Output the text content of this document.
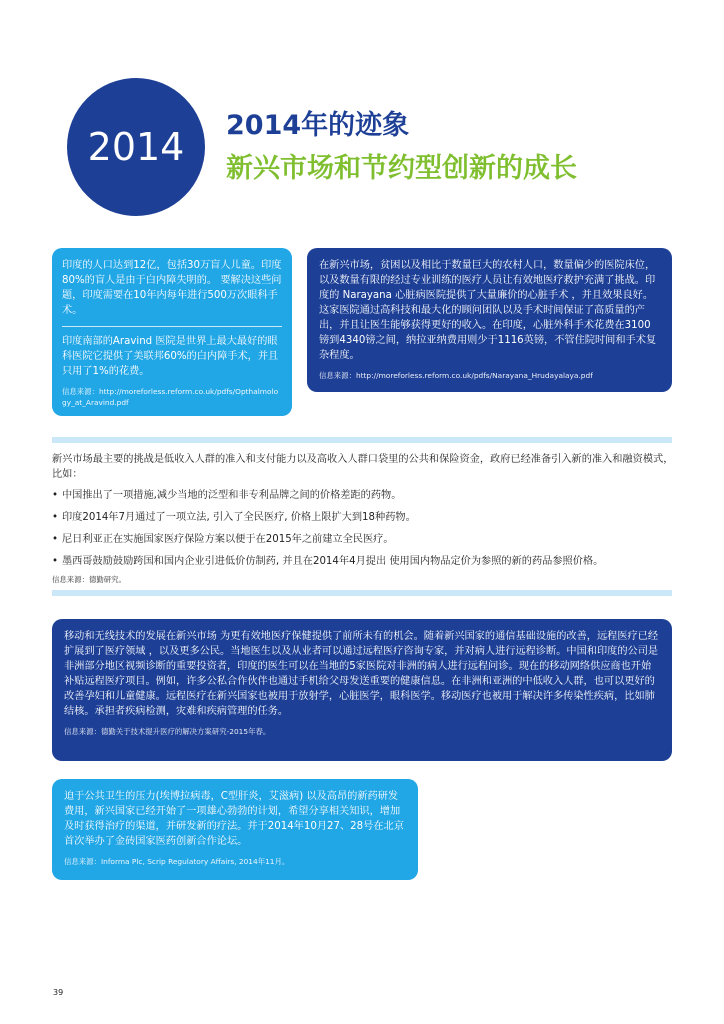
2014 2014年的迹象
新兴市场和节约型创新的成长

印度的人口达到12亿，包括30万盲人儿童。印度80%的盲人是由于白内障失明的。 要解决这些问题，印度需要在10年内每年进行500万次眼科手术。

印度南部的Aravind 医院是世界上最大最好的眼科医院它提供了美联邦60%的白内障手术，并且只用了1%的花费。

信息来源：http://moreforless.reform.co.uk/pdfs/Opthalmology_at_Aravind.pdf

在新兴市场，贫困以及相比于数量巨大的农村人口，数量偏少的医院床位，以及数量有限的经过专业训练的医疗人员让有效地医疗救护充满了挑战。印度的 Narayana 心脏病医院提供了大量廉价的心脏手术 ，并且效果良好。这家医院通过高科技和最大化的顾问团队以及手术时间保证了高质量的产出，并且让医生能够获得更好的收入。在印度，心脏外科手术花费在3100镑到4340镑之间，纳拉亚纳费用则少于1116英镑，不管住院时间和手术复杂程度。

信息来源：http://moreforless.reform.co.uk/pdfs/Narayana_Hrudayalaya.pdf

新兴市场最主要的挑战是低收入人群的准入和支付能力以及高收入人群口袋里的公共和保险资金，政府已经准备引入新的准入和融资模式，比如：

• 中国推出了一项措施,减少当地的泛型和非专利品牌之间的价格差距的药物。
• 印度2014年7月通过了一项立法, 引入了全民医疗, 价格上限扩大到18种药物。
• 尼日利亚正在实施国家医疗保险方案以便于在2015年之前建立全民医疗。
• 墨西哥鼓励鼓励跨国和国内企业引进低价仿制药, 并且在2014年4月提出 使用国内物品定价为参照的新的药品参照价格。

信息来源：德勤研究。

移动和无线技术的发展在新兴市场 为更有效地医疗保健提供了前所未有的机会。随着新兴国家的通信基础设施的改善，远程医疗已经扩展到了医疗领域 ，以及更多公民。当地医生以及从业者可以通过远程医疗咨询专家，并对病人进行远程诊断。中国和印度的公司是非洲部分地区视频诊断的重要投资者，印度的医生可以在当地的5家医院对非洲的病人进行远程问诊。现在的移动网络供应商也开始补贴远程医疗项目。例如，许多公私合作伙伴也通过手机给父母发送重要的健康信息。在非洲和亚洲的中低收入人群，也可以更好的改善孕妇和儿童健康。远程医疗在新兴国家也被用于放射学，心脏医学，眼科医学。移动医疗也被用于解决许多传染性疾病，比如肺结核。承担者疾病检测，灾难和疾病管理的任务。

信息来源：德勤关于技术提升医疗的解决方案研究-2015年春。

迫于公共卫生的压力(埃博拉病毒，C型肝炎，艾滋病) 以及高昂的新药研发费用，新兴国家已经开始了一项雄心勃勃的计划，希望分享相关知识，增加及时获得治疗的渠道，并研发新的疗法。并于2014年10月27、28号在北京首次举办了金砖国家医药创新合作论坛。

信息来源：Informa Plc, Scrip Regulatory Affairs, 2014年11月。

39
